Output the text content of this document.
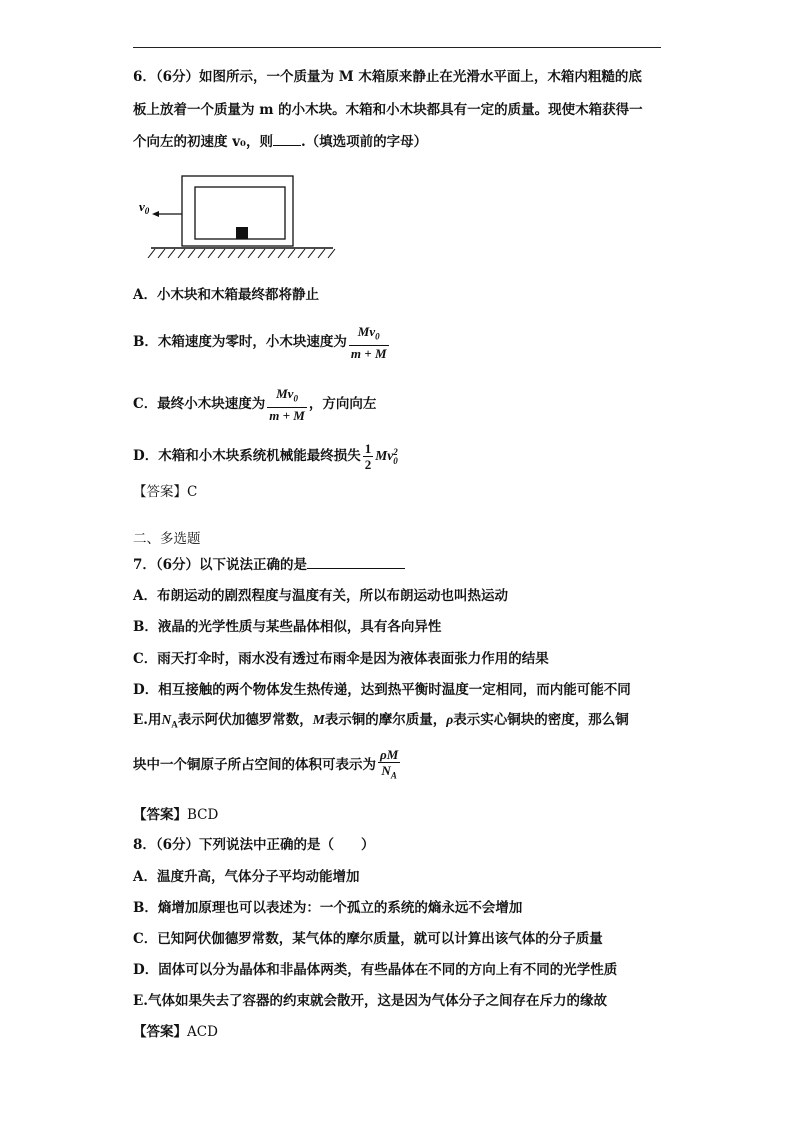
6．（6分）如图所示，一个质量为 M 木箱原来静止在光滑水平面上，木箱内粗糙的底
板上放着一个质量为 m 的小木块。木箱和小木块都具有一定的质量。现使木箱获得一
个向左的初速度 v₀，则 .（填选项前的字母）
$v_0$
A．小木块和木箱最终都将静止
B．木箱速度为零时，小木块速度为 $\frac{Mv_0}{m + M}$
C．最终小木块速度为 $\frac{Mv_0}{m + M}$ ，方向向左
D．木箱和小木块系统机械能最终损失 $\frac{1}{2}$ Mv 2
0
【答案】C
二、多选题
7．（6分）以下说法正确的是
A．布朗运动的剧烈程度与温度有关，所以布朗运动也叫热运动
B．液晶的光学性质与某些晶体相似，具有各向异性
C．雨天打伞时，雨水没有透过布雨伞是因为液体表面张力作用的结果
D．相互接触的两个物体发生热传递，达到热平衡时温度一定相同，而内能可能不同
E.用$N_A$表示阿伏加德罗常数，M表示铜的摩尔质量，ρ表示实心铜块的密度，那么铜
块中一个铜原子所占空间的体积可表示为 $\frac{\rho M}{N_A}$
【答案】BCD
8．（6分）下列说法中正确的是（　　）
A．温度升高，气体分子平均动能增加
B．熵增加原理也可以表述为：一个孤立的系统的熵永远不会增加
C．已知阿伏伽德罗常数，某气体的摩尔质量，就可以计算出该气体的分子质量
D．固体可以分为晶体和非晶体两类，有些晶体在不同的方向上有不同的光学性质
E.气体如果失去了容器的约束就会散开，这是因为气体分子之间存在斥力的缘故
【答案】ACD
